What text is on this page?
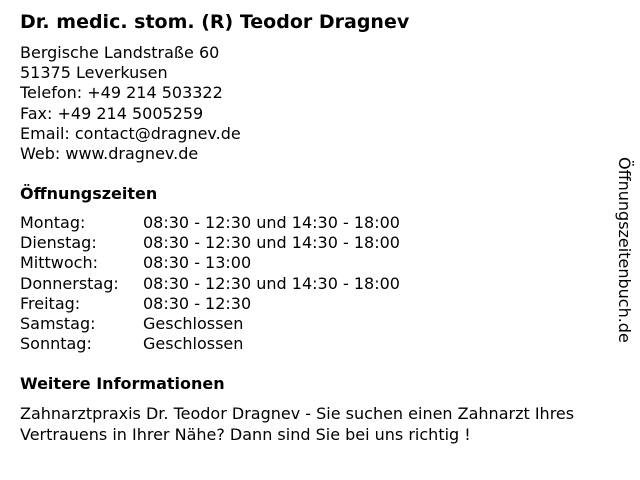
Dr. medic. stom. (R) Teodor Dragnev
Bergische Landstraße 60
51375 Leverkusen
Telefon: +49 214 503322
Fax: +49 214 5005259
Email: contact@dragnev.de
Web: www.dragnev.de
Öffnungszeiten
Montag:	08:30 - 12:30 und 14:30 - 18:00
Dienstag:	08:30 - 12:30 und 14:30 - 18:00
Mittwoch:	08:30 - 13:00
Donnerstag:	08:30 - 12:30 und 14:30 - 18:00
Freitag:	08:30 - 12:30
Samstag:	Geschlossen
Sonntag:	Geschlossen
Weitere Informationen
Zahnarztpraxis Dr. Teodor Dragnev - Sie suchen einen Zahnarzt Ihres Vertrauens in Ihrer Nähe? Dann sind Sie bei uns richtig !
Öffnungszeitenbuch.de
